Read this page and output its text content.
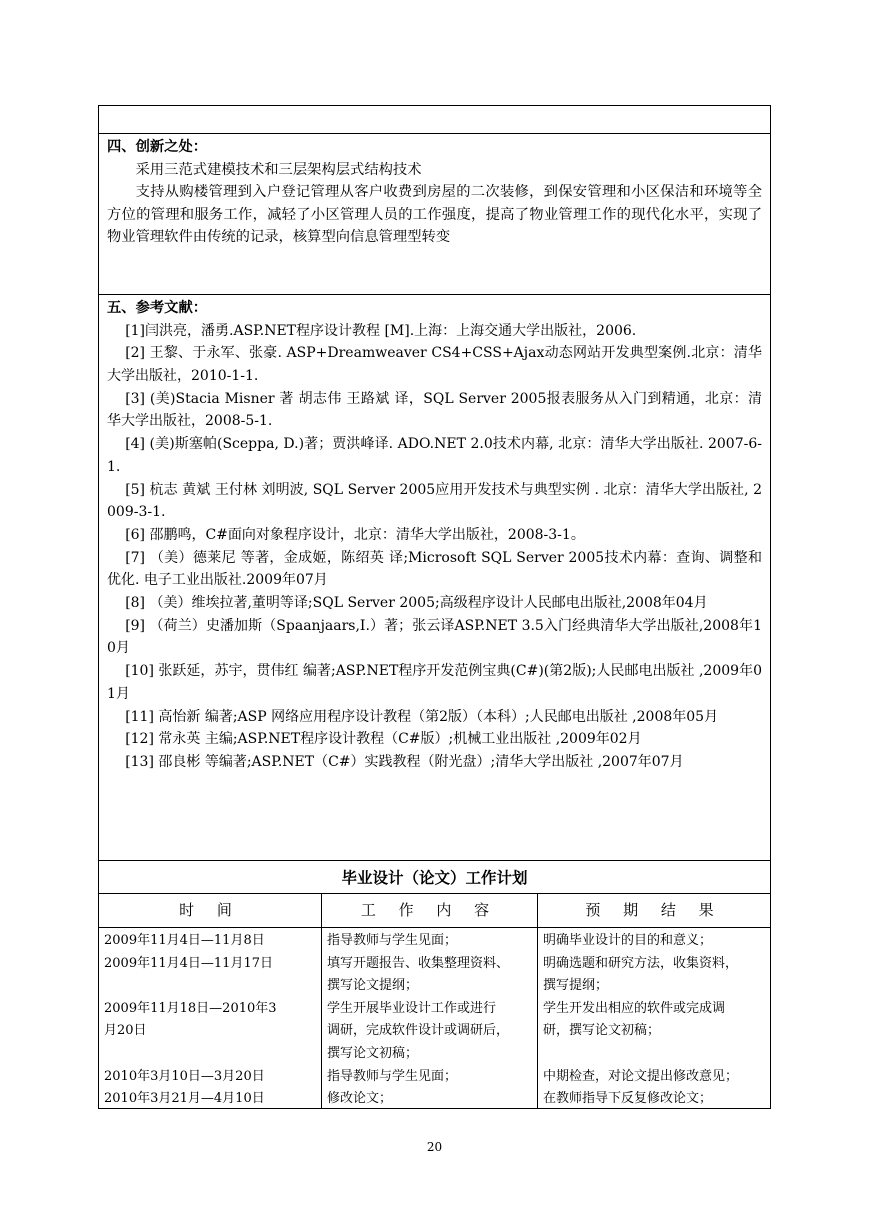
四、创新之处：

采用三范式建模技术和三层架构层式结构技术

支持从购楼管理到入户登记管理从客户收费到房屋的二次装修，到保安管理和小区保洁和环境等全方位的管理和服务工作，减轻了小区管理人员的工作强度，提高了物业管理工作的现代化水平，实现了物业管理软件由传统的记录，核算型向信息管理型转变

五、参考文献：

[1]闫洪亮，潘勇.ASP.NET程序设计教程 [M].上海：上海交通大学出版社，2006.

[2] 王黎、于永军、张豪. ASP+Dreamweaver CS4+CSS+Ajax动态网站开发典型案例.北京：清华大学出版社，2010-1-1.

[3] (美)Stacia Misner 著 胡志伟 王路斌 译，SQL Server 2005报表服务从入门到精通，北京：清华大学出版社，2008-5-1.

[4] (美)斯塞帕(Sceppa, D.)著；贾洪峰译. ADO.NET 2.0技术内幕, 北京：清华大学出版社. 2007-6-1.

[5] 杭志 黄斌 王付林 刘明波, SQL Server 2005应用开发技术与典型实例 . 北京：清华大学出版社, 2009-3-1.

[6] 邵鹏鸣，C#面向对象程序设计，北京：清华大学出版社，2008-3-1。

[7] （美）德莱尼 等著，金成姬，陈绍英 译;Microsoft SQL Server 2005技术内幕：查询、调整和优化. 电子工业出版社.2009年07月

[8] （美）维埃拉著,董明等译;SQL Server 2005;高级程序设计人民邮电出版社,2008年04月

[9] （荷兰）史潘加斯（Spaanjaars,I.）著；张云译ASP.NET 3.5入门经典清华大学出版社,2008年10月

[10] 张跃延，苏宇，贯伟红 编著;ASP.NET程序开发范例宝典(C#)(第2版);人民邮电出版社 ,2009年01月

[11] 高怡新 编著;ASP 网络应用程序设计教程（第2版）（本科）;人民邮电出版社 ,2008年05月

[12] 常永英 主编;ASP.NET程序设计教程（C#版）;机械工业出版社 ,2009年02月

[13] 邵良彬 等编著;ASP.NET（C#）实践教程（附光盘）;清华大学出版社 ,2007年07月

毕业设计（论文）工作计划
时 间	工 作 内 容	预 期 结 果

2009年11月4日—11月8日

2009年11月4日—11月17日

2009年11月18日—2010年3

月20日

2010年3月10日—3月20日

2010年3月21月—4月10日

指导教师与学生见面；

填写开题报告、收集整理资料、

撰写论文提纲；

学生开展毕业设计工作或进行

调研，完成软件设计或调研后，

撰写论文初稿；

指导教师与学生见面；

修改论文；

明确毕业设计的目的和意义；

明确选题和研究方法，收集资料，

撰写提纲；

学生开发出相应的软件或完成调

研，撰写论文初稿；

中期检查，对论文提出修改意见；

在教师指导下反复修改论文；

20
